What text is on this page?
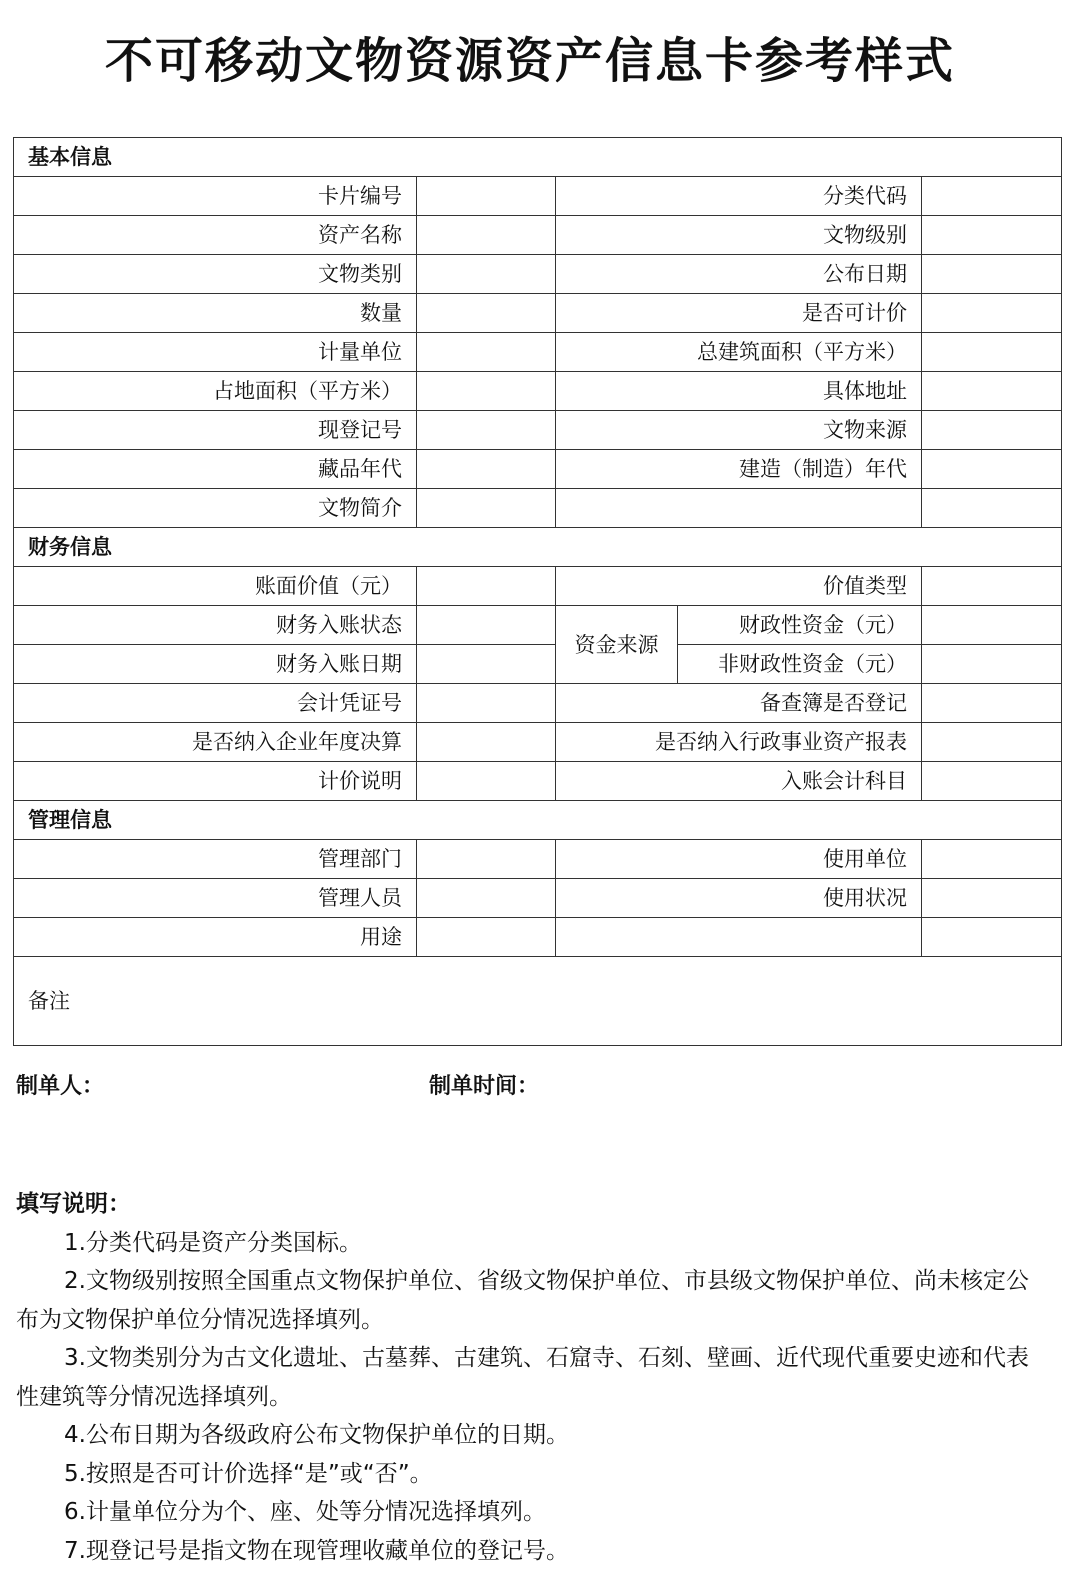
不可移动文物资源资产信息卡参考样式
基本信息				
卡片编号		分类代码		
资产名称		文物级别		
文物类别		公布日期		
数量		是否可计价		
计量单位		总建筑面积（平方米）		
占地面积（平方米）		具体地址		
现登记号		文物来源		
藏品年代		建造（制造）年代		
文物简介				
财务信息				
账面价值（元）		价值类型		
财务入账状态		资金来源	财政性资金（元）	
财务入账日期			非财政性资金（元）	
会计凭证号		备查簿是否登记		
是否纳入企业年度决算		是否纳入行政事业资产报表		
计价说明		入账会计科目		
管理信息				
管理部门		使用单位		
管理人员		使用状况		
用途				
备注				
制单人：	制单时间：
填写说明：

1.分类代码是资产分类国标。

2.文物级别按照全国重点文物保护单位、省级文物保护单位、市县级文物保护单位、尚未核定公布为文物保护单位分情况选择填列。

3.文物类别分为古文化遗址、古墓葬、古建筑、石窟寺、石刻、壁画、近代现代重要史迹和代表性建筑等分情况选择填列。

4.公布日期为各级政府公布文物保护单位的日期。

5.按照是否可计价选择“是”或“否”。

6.计量单位分为个、座、处等分情况选择填列。

7.现登记号是指文物在现管理收藏单位的登记号。
